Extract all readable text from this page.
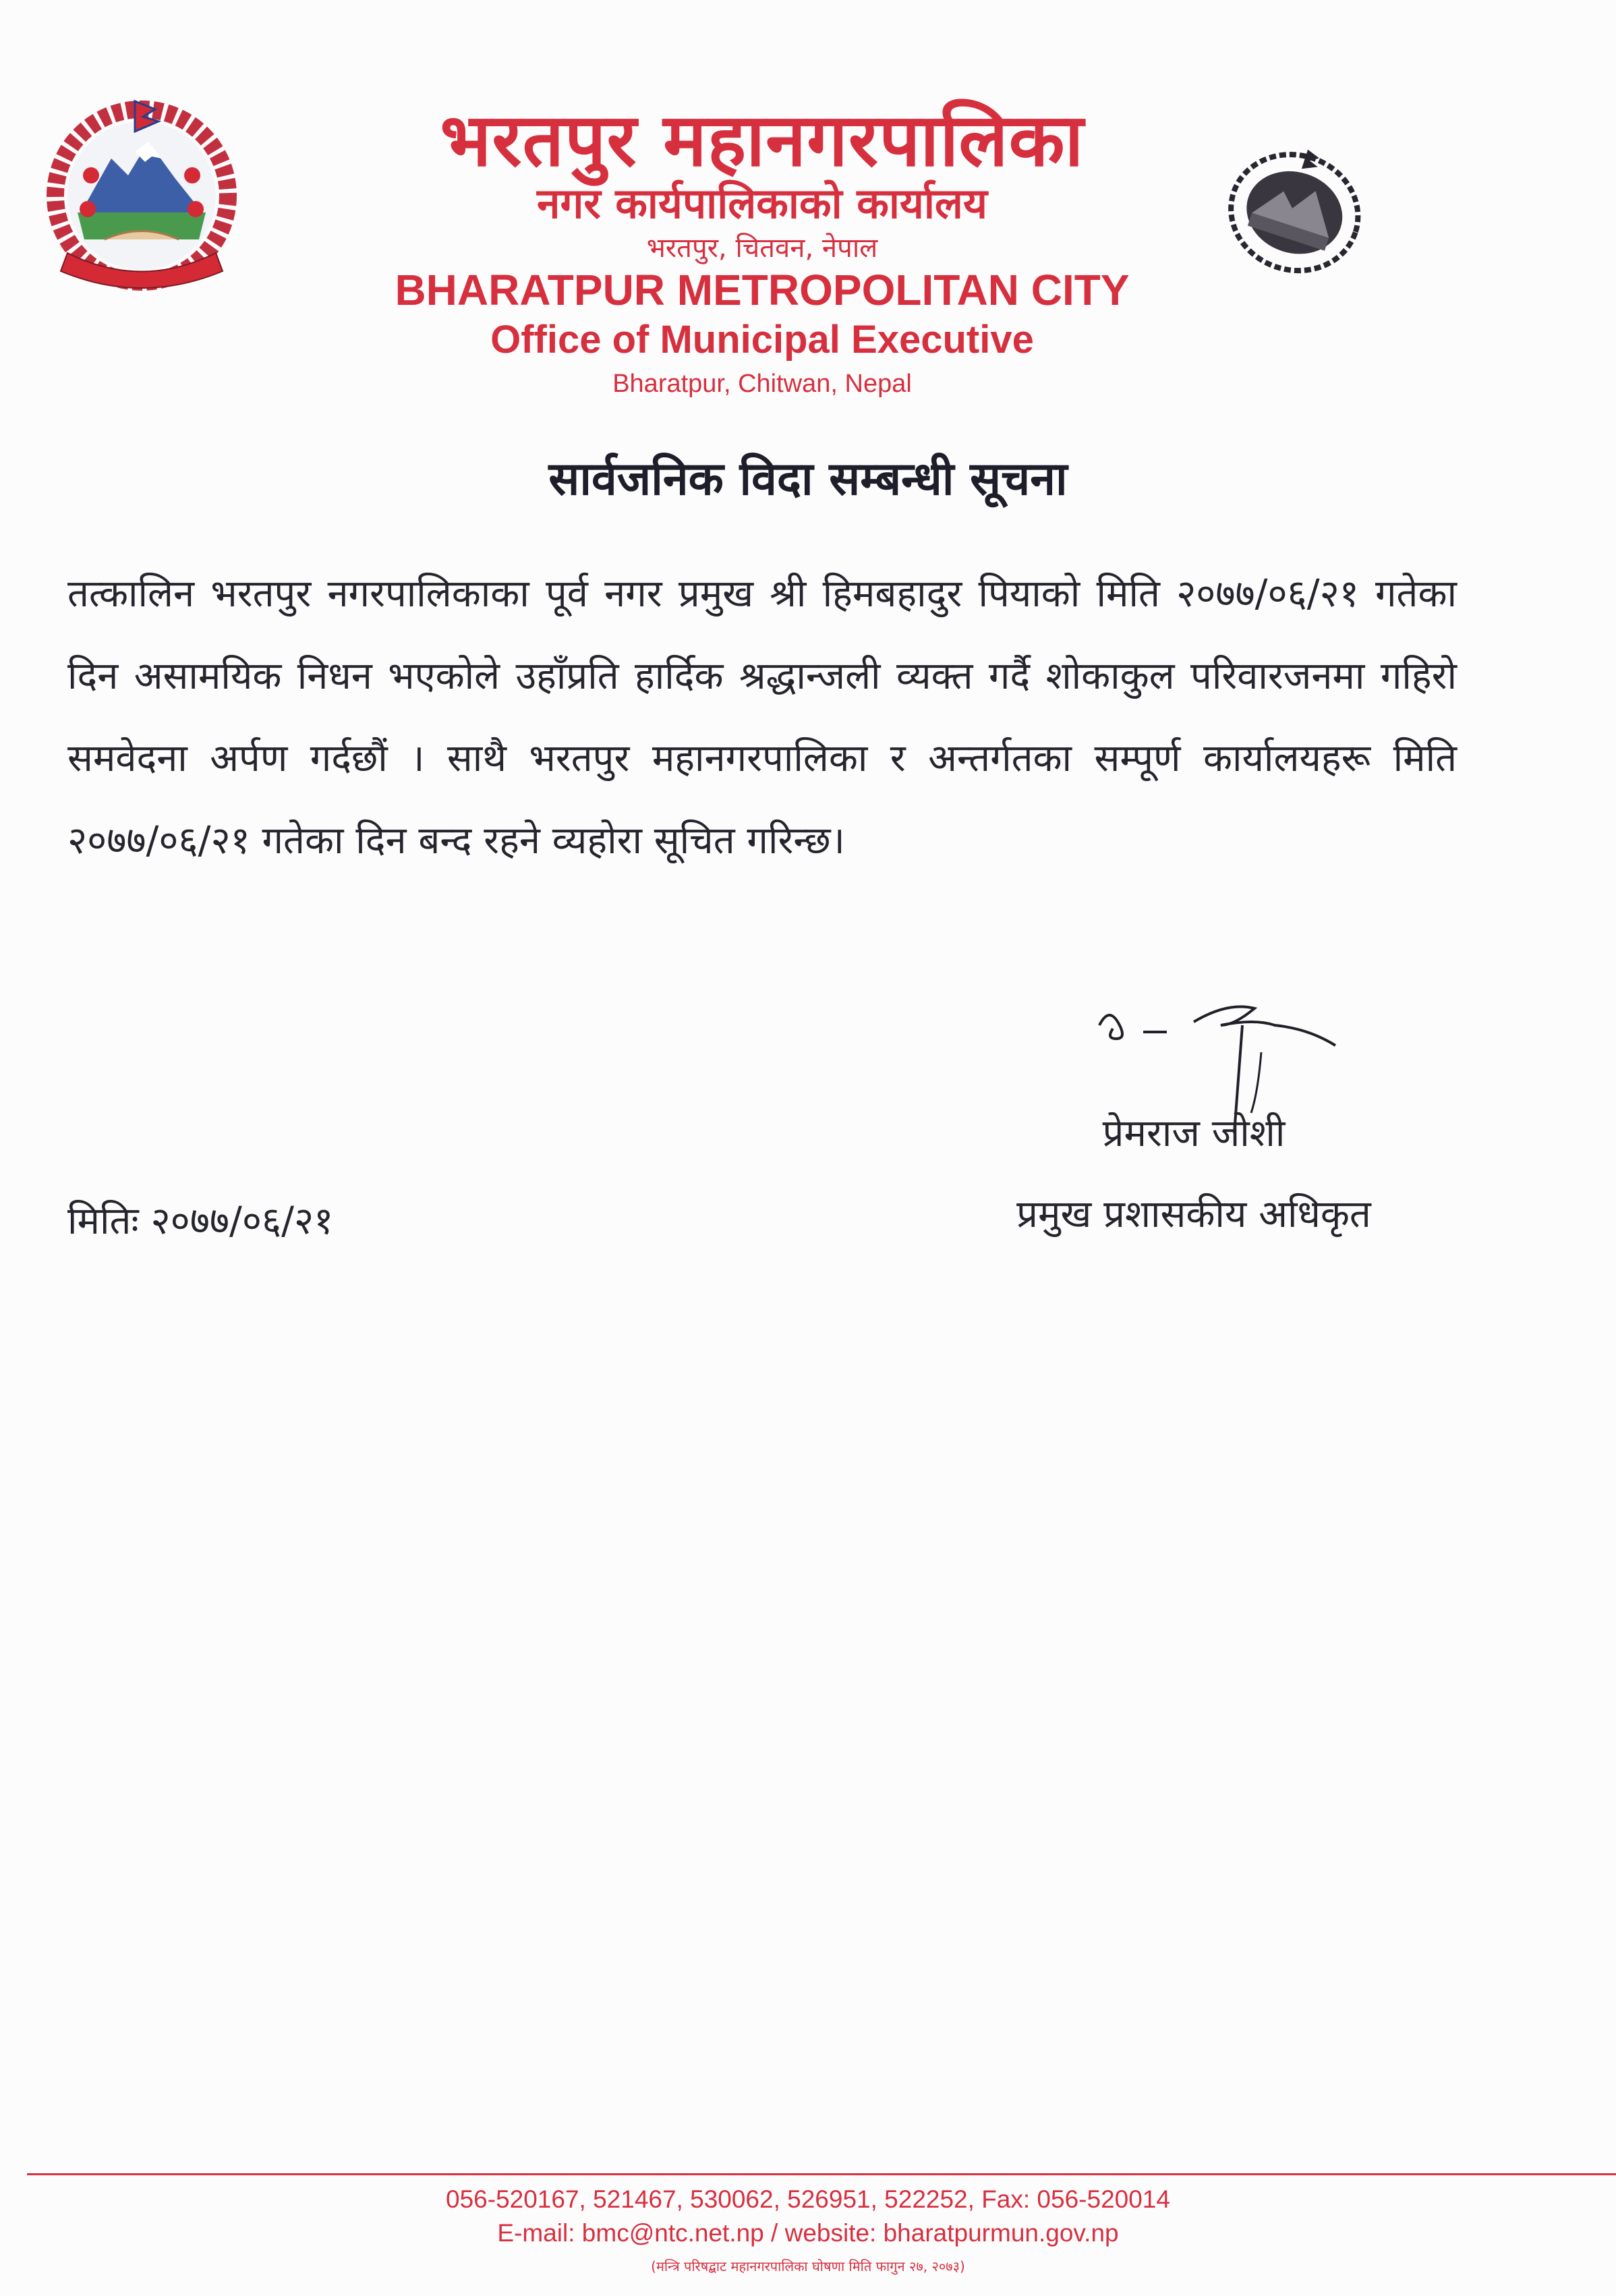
भरतपुर महानगरपालिका
नगर कार्यपालिकाको कार्यालय
भरतपुर, चितवन, नेपाल
BHARATPUR METROPOLITAN CITY
Office of Municipal Executive
Bharatpur, Chitwan, Nepal
सार्वजनिक विदा सम्बन्धी सूचना
तत्कालिन भरतपुर नगरपालिकाका पूर्व नगर प्रमुख श्री हिमबहादुर पियाको मिति २०७७/०६/२१ गतेका दिन असामयिक निधन भएकोले उहाँप्रति हार्दिक श्रद्धान्जली व्यक्त गर्दै शोकाकुल परिवारजनमा गहिरो समवेदना अर्पण गर्दछौं । साथै भरतपुर महानगरपालिका र अन्तर्गतका सम्पूर्ण कार्यालयहरू मिति २०७७/०६/२१ गतेका दिन बन्द रहने व्यहोरा सूचित गरिन्छ।
प्रेमराज जोशी
प्रमुख प्रशासकीय अधिकृत
मितिः २०७७/०६/२१
056-520167, 521467, 530062, 526951, 522252, Fax: 056-520014
E-mail: bmc@ntc.net.np / website: bharatpurmun.gov.np
(मन्त्रि परिषद्बाट महानगरपालिका घोषणा मिति फागुन २७, २०७३)
